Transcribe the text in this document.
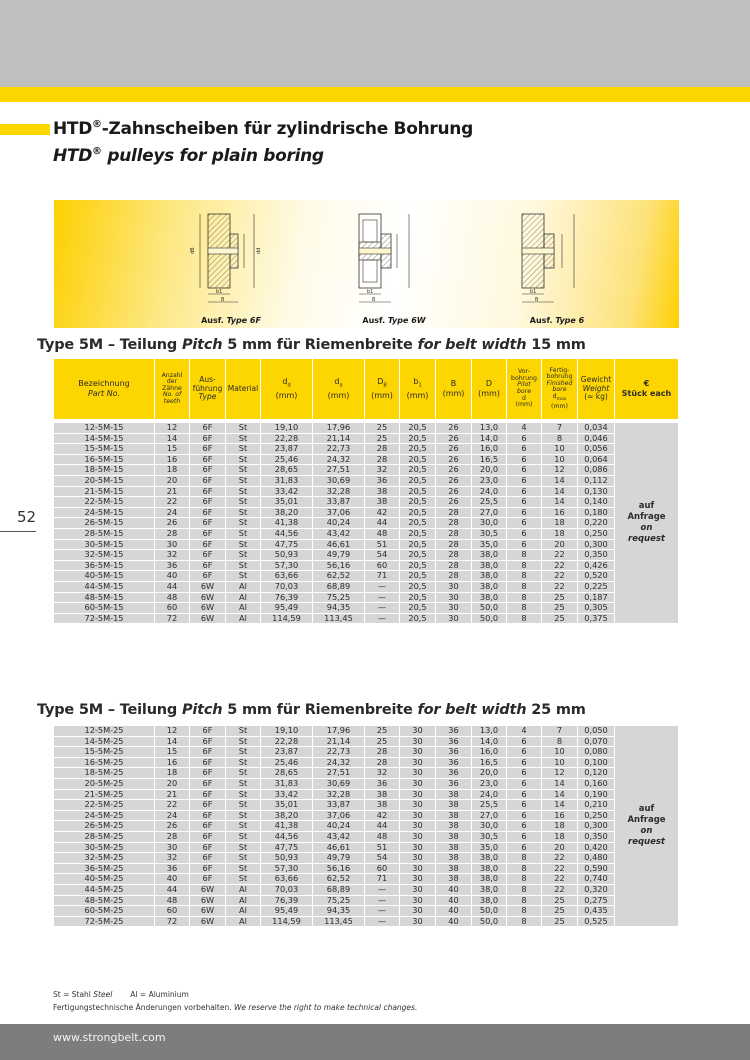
HTD®-Zahnscheiben für zylindrische Bohrung
HTD® pulleys for plain boring
dB	dd
b1
B
Ausf. Type 6F
b1
B
Ausf. Type 6W
b1
B
Ausf. Type 6
52
Type 5M – Teilung Pitch 5 mm für Riemenbreite for belt width 15 mm
Bezeichnung
Part No.	Anzahl
der
Zähne
No. of
teeth	Aus-
führung
Type	Material	$d_d$
(mm)	$d_a$
(mm)	$D_B$
(mm)	$b_1$
(mm)	B
(mm)	D
(mm)	Vor-
bohrung
Pilot
bore
d
(mm)	Fertig-
bohrung
Finished
bore
$d_{max}$
(mm)	Gewicht
Weight
(≈ kg)	€
Stück each

12-5M-15	12	6F	St	19,10	17,96	25	20,5	26	13,0	4	7	0,034	auf
Anfrage
on
request
14-5M-15	14	6F	St	22,28	21,14	25	20,5	26	14,0	6	8	0,046	
15-5M-15	15	6F	St	23,87	22,73	28	20,5	26	16,0	6	10	0,056	
16-5M-15	16	6F	St	25,46	24,32	28	20,5	26	16,5	6	10	0,064	
18-5M-15	18	6F	St	28,65	27,51	32	20,5	26	20,0	6	12	0,086	
20-5M-15	20	6F	St	31,83	30,69	36	20,5	26	23,0	6	14	0,112	
21-5M-15	21	6F	St	33,42	32,28	38	20,5	26	24,0	6	14	0,130	
22-5M-15	22	6F	St	35,01	33,87	38	20,5	26	25,5	6	14	0,140	
24-5M-15	24	6F	St	38,20	37,06	42	20,5	28	27,0	6	16	0,180	
26-5M-15	26	6F	St	41,38	40,24	44	20,5	28	30,0	6	18	0,220	
28-5M-15	28	6F	St	44,56	43,42	48	20,5	28	30,5	6	18	0,250	
30-5M-15	30	6F	St	47,75	46,61	51	20,5	28	35,0	6	20	0,300	
32-5M-15	32	6F	St	50,93	49,79	54	20,5	28	38,0	8	22	0,350	
36-5M-15	36	6F	St	57,30	56,16	60	20,5	28	38,0	8	22	0,426	
40-5M-15	40	6F	St	63,66	62,52	71	20,5	28	38,0	8	22	0,520	
44-5M-15	44	6W	Al	70,03	68,89	—	20,5	30	38,0	8	22	0,225	
48-5M-15	48	6W	Al	76,39	75,25	—	20,5	30	38,0	8	25	0,187	
60-5M-15	60	6W	Al	95,49	94,35	—	20,5	30	50,0	8	25	0,305	
72-5M-15	72	6W	Al	114,59	113,45	—	20,5	30	50,0	8	25	0,375	
Type 5M – Teilung Pitch 5 mm für Riemenbreite for belt width 25 mm
12-5M-25	12	6F	St	19,10	17,96	25	30	36	13,0	4	7	0,050	auf
Anfrage
on
request
14-5M-25	14	6F	St	22,28	21,14	25	30	36	14,0	6	8	0,070	
15-5M-25	15	6F	St	23,87	22,73	28	30	36	16,0	6	10	0,080	
16-5M-25	16	6F	St	25,46	24,32	28	30	36	16,5	6	10	0,100	
18-5M-25	18	6F	St	28,65	27,51	32	30	36	20,0	6	12	0,120	
20-5M-25	20	6F	St	31,83	30,69	36	30	36	23,0	6	14	0,160	
21-5M-25	21	6F	St	33,42	32,28	38	30	38	24,0	6	14	0,190	
22-5M-25	22	6F	St	35,01	33,87	38	30	38	25,5	6	14	0,210	
24-5M-25	24	6F	St	38,20	37,06	42	30	38	27,0	6	16	0,250	
26-5M-25	26	6F	St	41,38	40,24	44	30	38	30,0	6	18	0,300	
28-5M-25	28	6F	St	44,56	43,42	48	30	38	30,5	6	18	0,350	
30-5M-25	30	6F	St	47,75	46,61	51	30	38	35,0	6	20	0,420	
32-5M-25	32	6F	St	50,93	49,79	54	30	38	38,0	8	22	0,480	
36-5M-25	36	6F	St	57,30	56,16	60	30	38	38,0	8	22	0,590	
40-5M-25	40	6F	St	63,66	62,52	71	30	38	38,0	8	22	0,740	
44-5M-25	44	6W	Al	70,03	68,89	—	30	40	38,0	8	22	0,320	
48-5M-25	48	6W	Al	76,39	75,25	—	30	40	38,0	8	25	0,275	
60-5M-25	60	6W	Al	95,49	94,35	—	30	40	50,0	8	25	0,435	
72-5M-25	72	6W	Al	114,59	113,45	—	30	40	50,0	8	25	0,525	
St = Stahl Steel Al = Aluminium
Fertigungstechnische Änderungen vorbehalten. We reserve the right to make technical changes.
www.strongbelt.com
